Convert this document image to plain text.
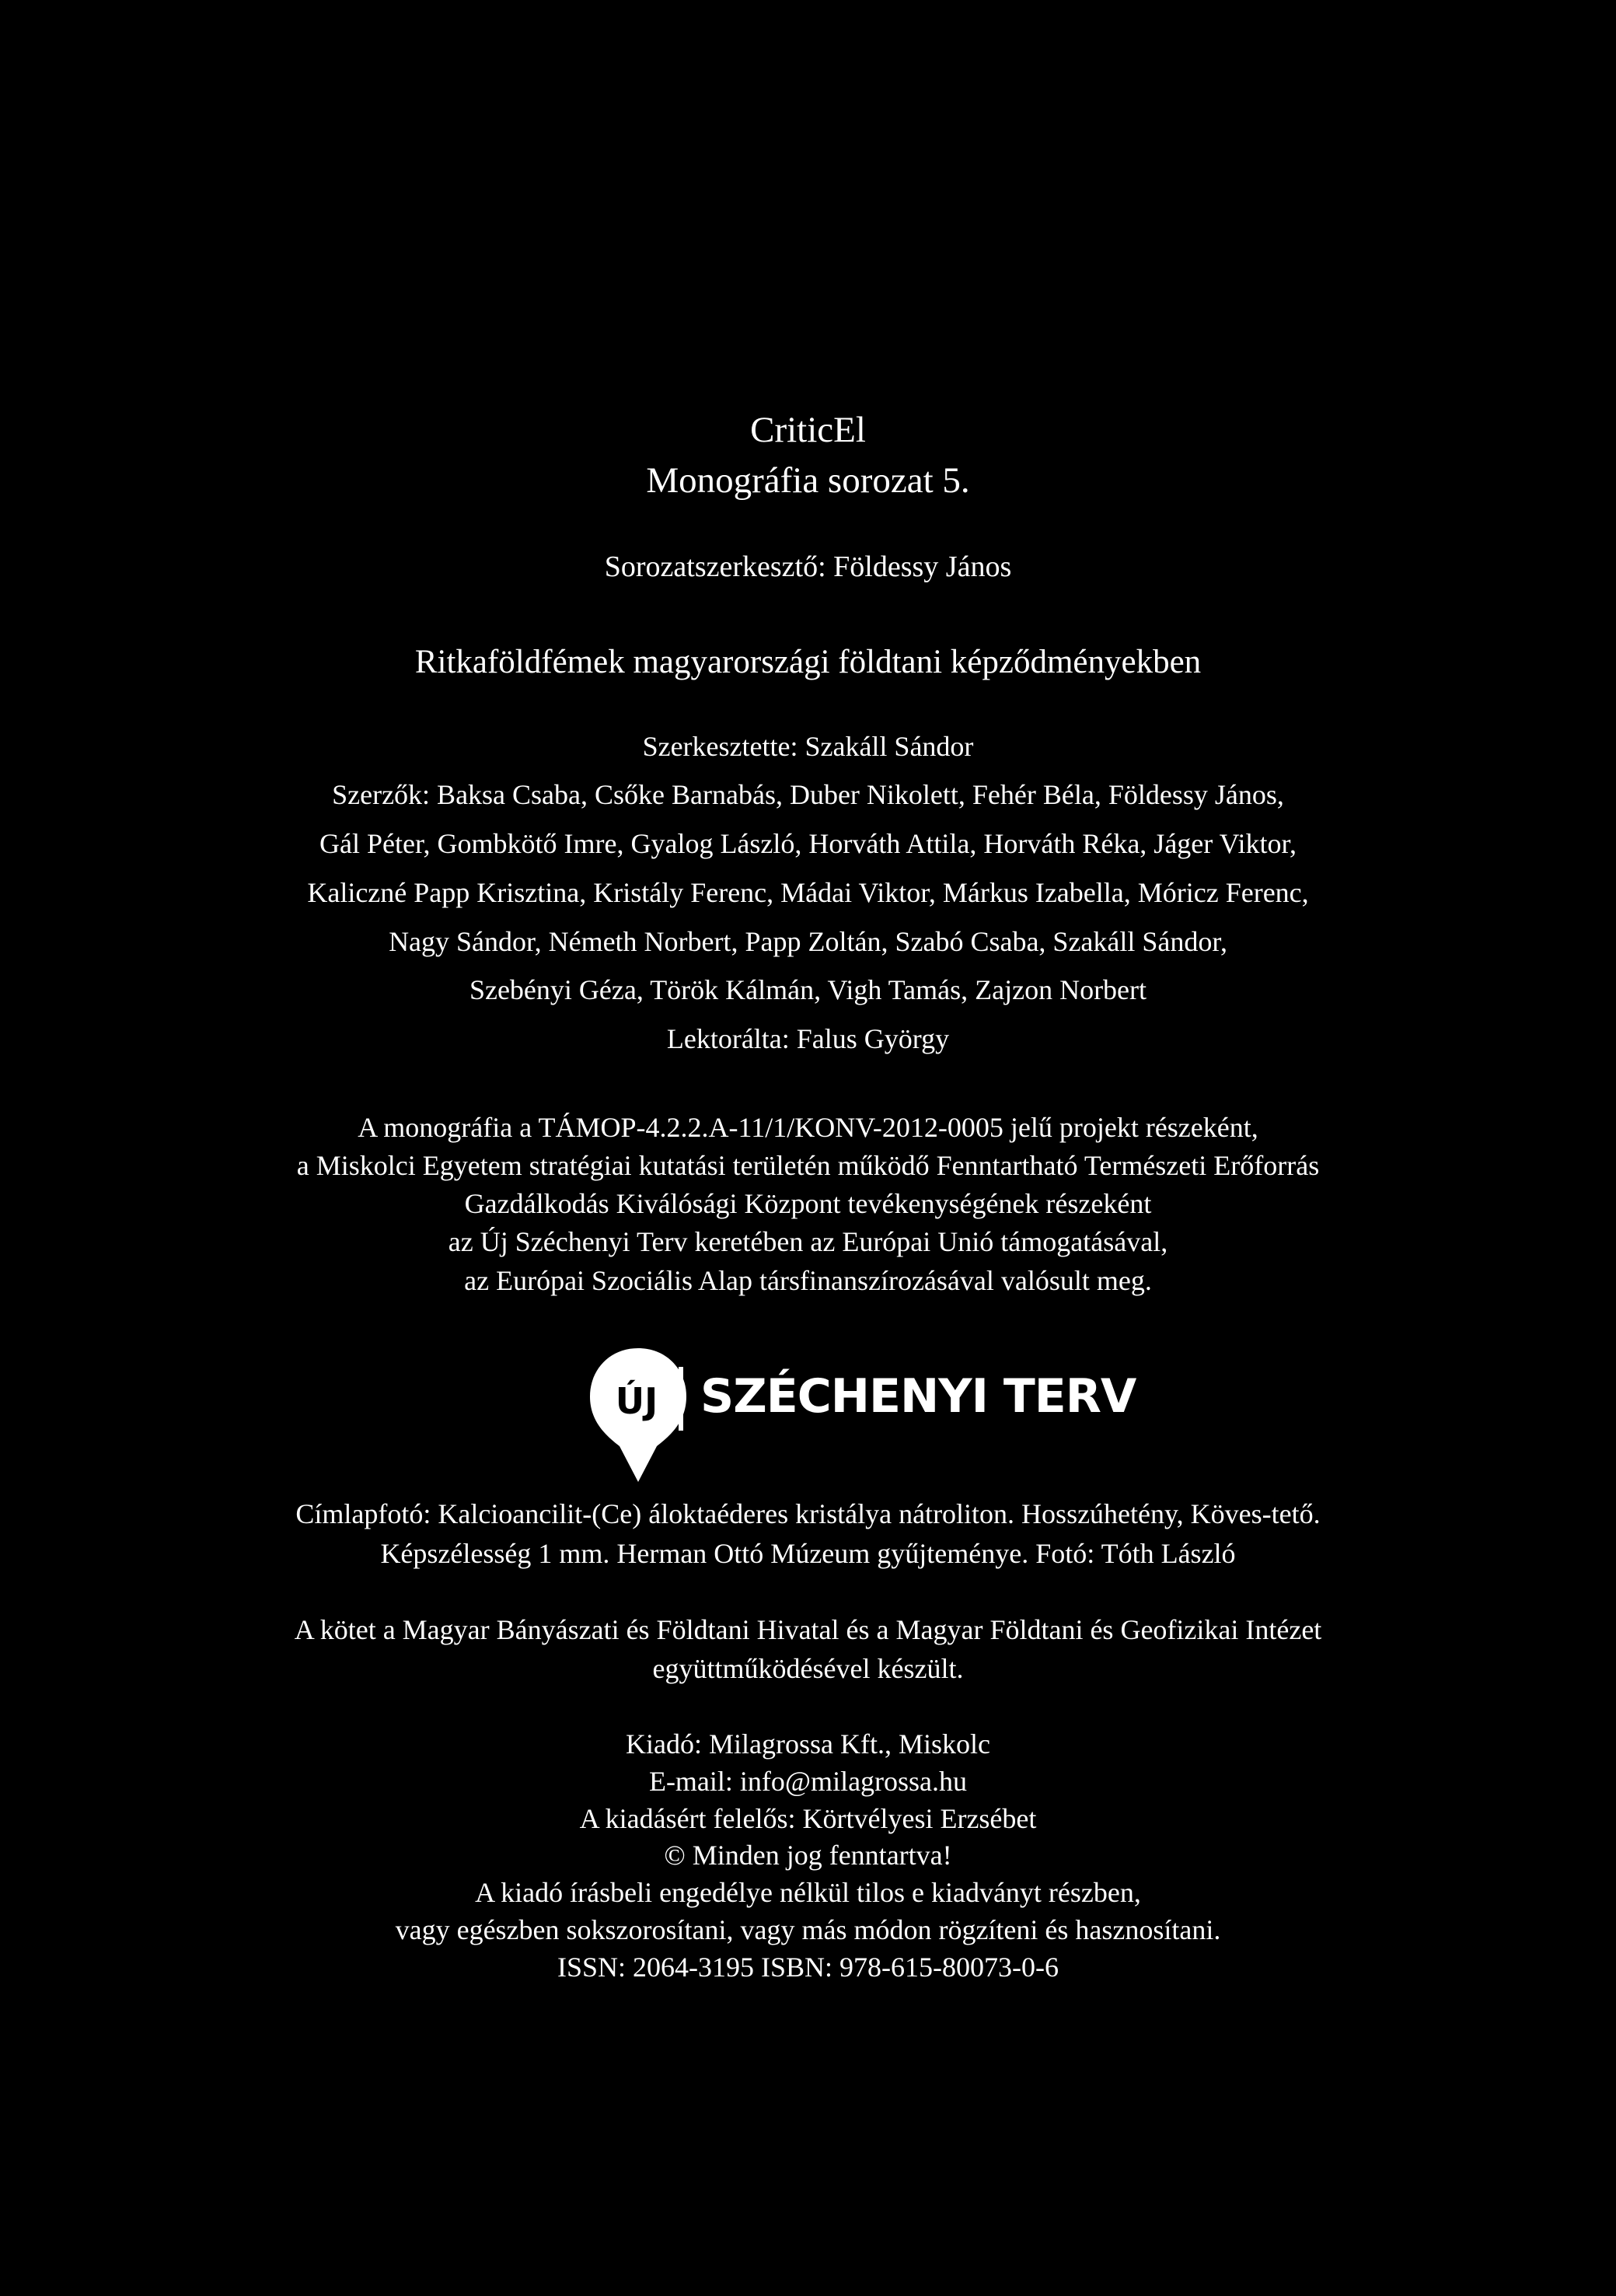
CriticEl
Monográfia sorozat 5.
Sorozatszerkesztő: Földessy János
Ritkaföldfémek magyarországi földtani képződményekben
Szerkesztette: Szakáll Sándor
Szerzők: Baksa Csaba, Csőke Barnabás, Duber Nikolett, Fehér Béla, Földessy János,
Gál Péter, Gombkötő Imre, Gyalog László, Horváth Attila, Horváth Réka, Jáger Viktor,
Kaliczné Papp Krisztina, Kristály Ferenc, Mádai Viktor, Márkus Izabella, Móricz Ferenc,
Nagy Sándor, Németh Norbert, Papp Zoltán, Szabó Csaba, Szakáll Sándor,
Szebényi Géza, Török Kálmán, Vigh Tamás, Zajzon Norbert
Lektorálta: Falus György
A monográfia a TÁMOP-4.2.2.A-11/1/KONV-2012-0005 jelű projekt részeként,
a Miskolci Egyetem stratégiai kutatási területén működő Fenntartható Természeti Erőforrás
Gazdálkodás Kiválósági Központ tevékenységének részeként
az Új Széchenyi Terv keretében az Európai Unió támogatásával,
az Európai Szociális Alap társfinanszírozásával valósult meg.
ÚJ SZÉCHENYI TERV
Címlapfotó: Kalcioancilit-(Ce) áloktaéderes kristálya nátroliton. Hosszúhetény, Köves-tető.
Képszélesség 1 mm. Herman Ottó Múzeum gyűjteménye. Fotó: Tóth László
A kötet a Magyar Bányászati és Földtani Hivatal és a Magyar Földtani és Geofizikai Intézet
együttműködésével készült.
Kiadó: Milagrossa Kft., Miskolc
E-mail: info@milagrossa.hu
A kiadásért felelős: Körtvélyesi Erzsébet
© Minden jog fenntartva!
A kiadó írásbeli engedélye nélkül tilos e kiadványt részben,
vagy egészben sokszorosítani, vagy más módon rögzíteni és hasznosítani.
ISSN: 2064-3195 ISBN: 978-615-80073-0-6
